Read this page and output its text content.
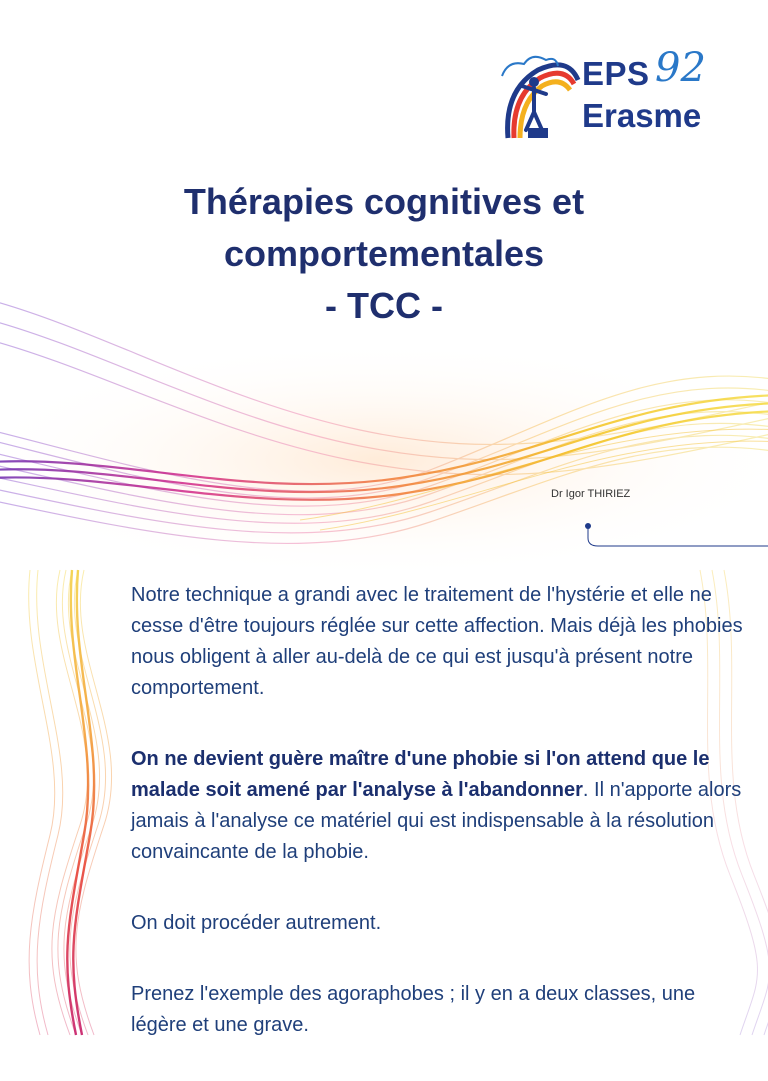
EPS 92
Erasme
Thérapies cognitives et
comportementales
- TCC -
Dr Igor THIRIEZ

Notre technique a grandi avec le traitement de l'hystérie et elle ne cesse d'être toujours réglée sur cette affection. Mais déjà les phobies nous obligent à aller au-delà de ce qui est jusqu'à présent notre comportement.

On ne devient guère maître d'une phobie si l'on attend que le malade soit amené par l'analyse à l'abandonner. Il n'apporte alors jamais à l'analyse ce matériel qui est indispensable à la résolution convaincante de la phobie.

On doit procéder autrement.

Prenez l'exemple des agoraphobes ; il y en a deux classes, une légère et une grave.
